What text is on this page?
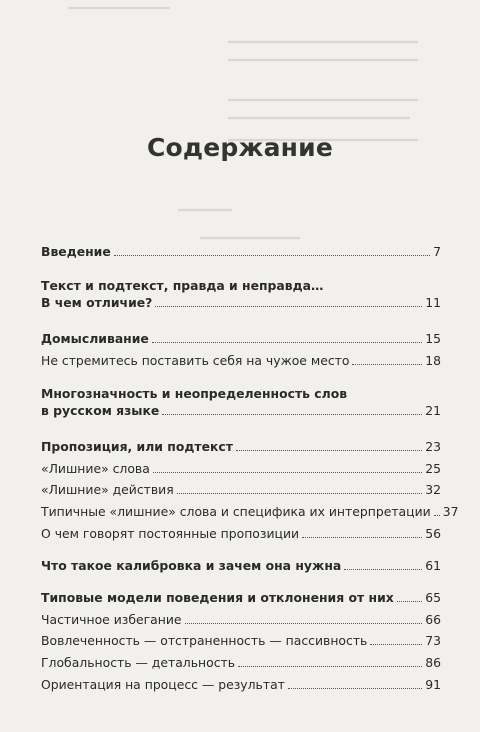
Содержание
Введение	7
Текст и подтекст, правда и неправда…
В чем отличие?	11
Домысливание	15
Не стремитесь поставить себя на чужое место	18
Многозначность и неопределенность слов
в русском языке	21
Пропозиция, или подтекст	23
«Лишние» слова	25
«Лишние» действия	32
Типичные «лишние» слова и специфика их интерпретации 37
О чем говорят постоянные пропозиции	56
Что такое калибровка и зачем она нужна	61
Типовые модели поведения и отклонения от них	65
Частичное избегание	66
Вовлеченность — отстраненность — пассивность	73
Глобальность — детальность	86
Ориентация на процесс — результат	91
